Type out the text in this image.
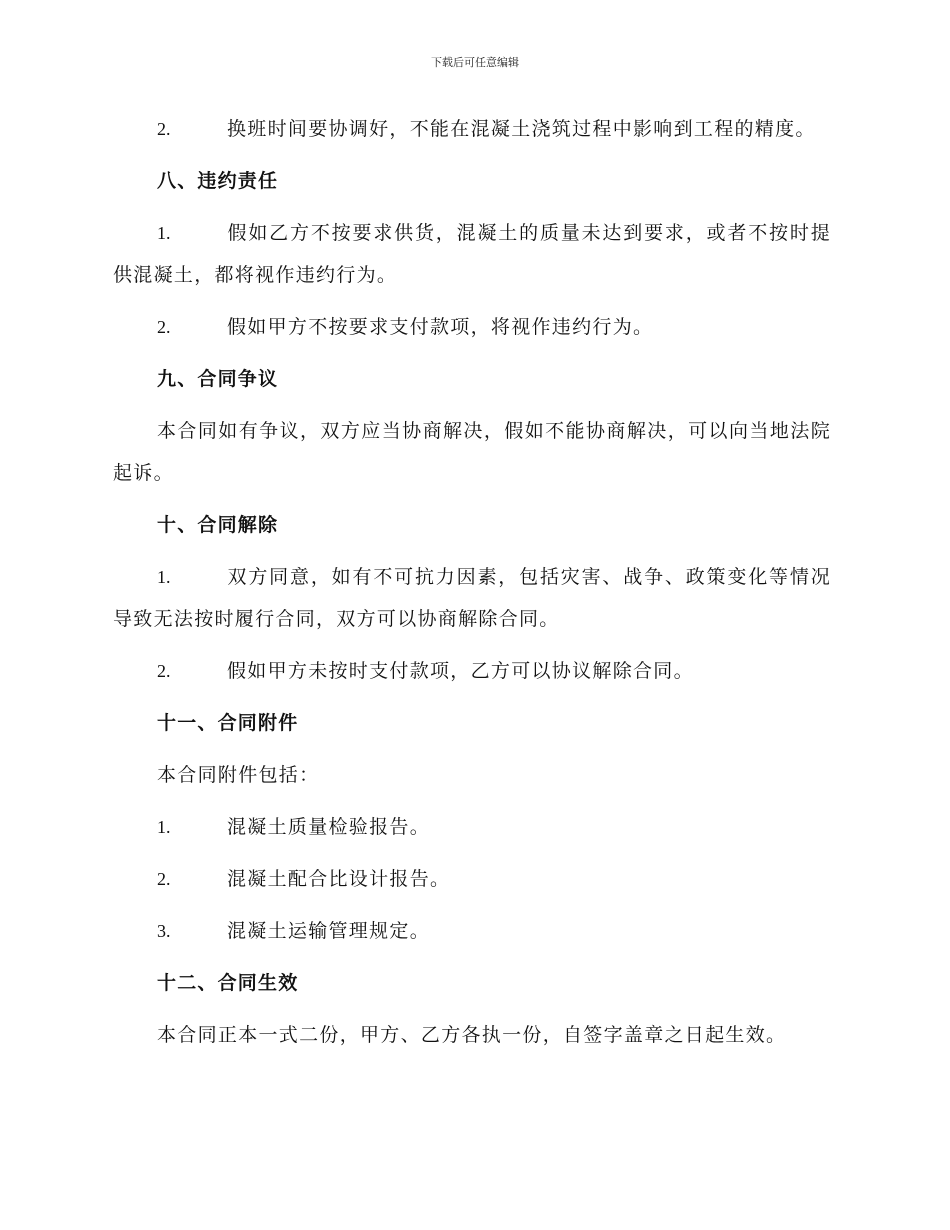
下载后可任意编辑

2.	换班时间要协调好，不能在混凝土浇筑过程中影响到工程的精度。

八、违约责任

1.	假如乙方不按要求供货，混凝土的质量未达到要求，或者不按时提供混凝土，都将视作违约行为。

2.	假如甲方不按要求支付款项，将视作违约行为。

九、合同争议

本合同如有争议，双方应当协商解决，假如不能协商解决，可以向当地法院起诉。

十、合同解除

1.	双方同意，如有不可抗力因素，包括灾害、战争、政策变化等情况导致无法按时履行合同，双方可以协商解除合同。

2.	假如甲方未按时支付款项，乙方可以协议解除合同。

十一、合同附件

本合同附件包括：

1.	混凝土质量检验报告。

2.	混凝土配合比设计报告。

3.	混凝土运输管理规定。

十二、合同生效

本合同正本一式二份，甲方、乙方各执一份，自签字盖章之日起生效。
